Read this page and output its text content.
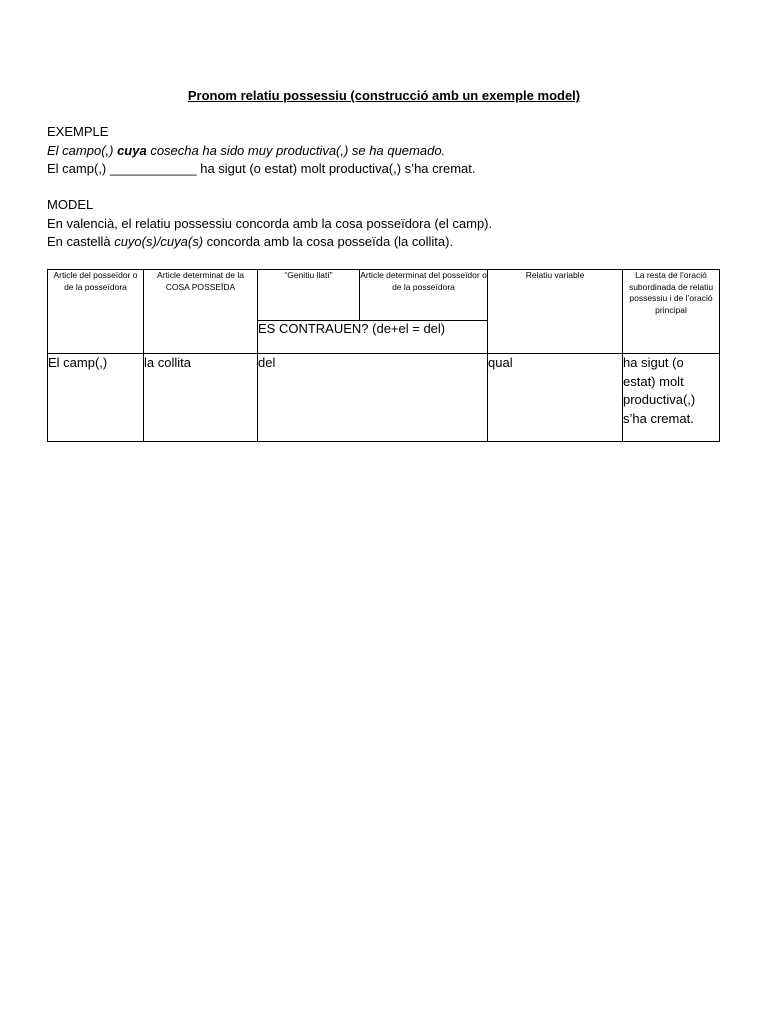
Pronom relatiu possessiu (construcció amb un exemple model)
EXEMPLE
El campo(,) cuya cosecha ha sido muy productiva(,) se ha quemado.
El camp(,) ____________ ha sigut (o estat) molt productiva(,) s’ha cremat.
MODEL
En valencià, el relatiu possessiu concorda amb la cosa posseïdora (el camp).
En castellà cuyo(s)/cuya(s) concorda amb la cosa posseïda (la collita).
Article del posseïdor o de la posseïdora	Article determinat de la COSA POSSEÏDA	“Genitiu llatí”	Article determinat del posseïdor o de la posseïdora	Relatiu variable	La resta de l’oració subordinada de relatiu possessiu i de l’oració principal
		ES CONTRAUEN? (de+el = del)			
El camp(,)	la collita	del		qual	ha sigut (o estat) molt productiva(,) s’ha cremat.
